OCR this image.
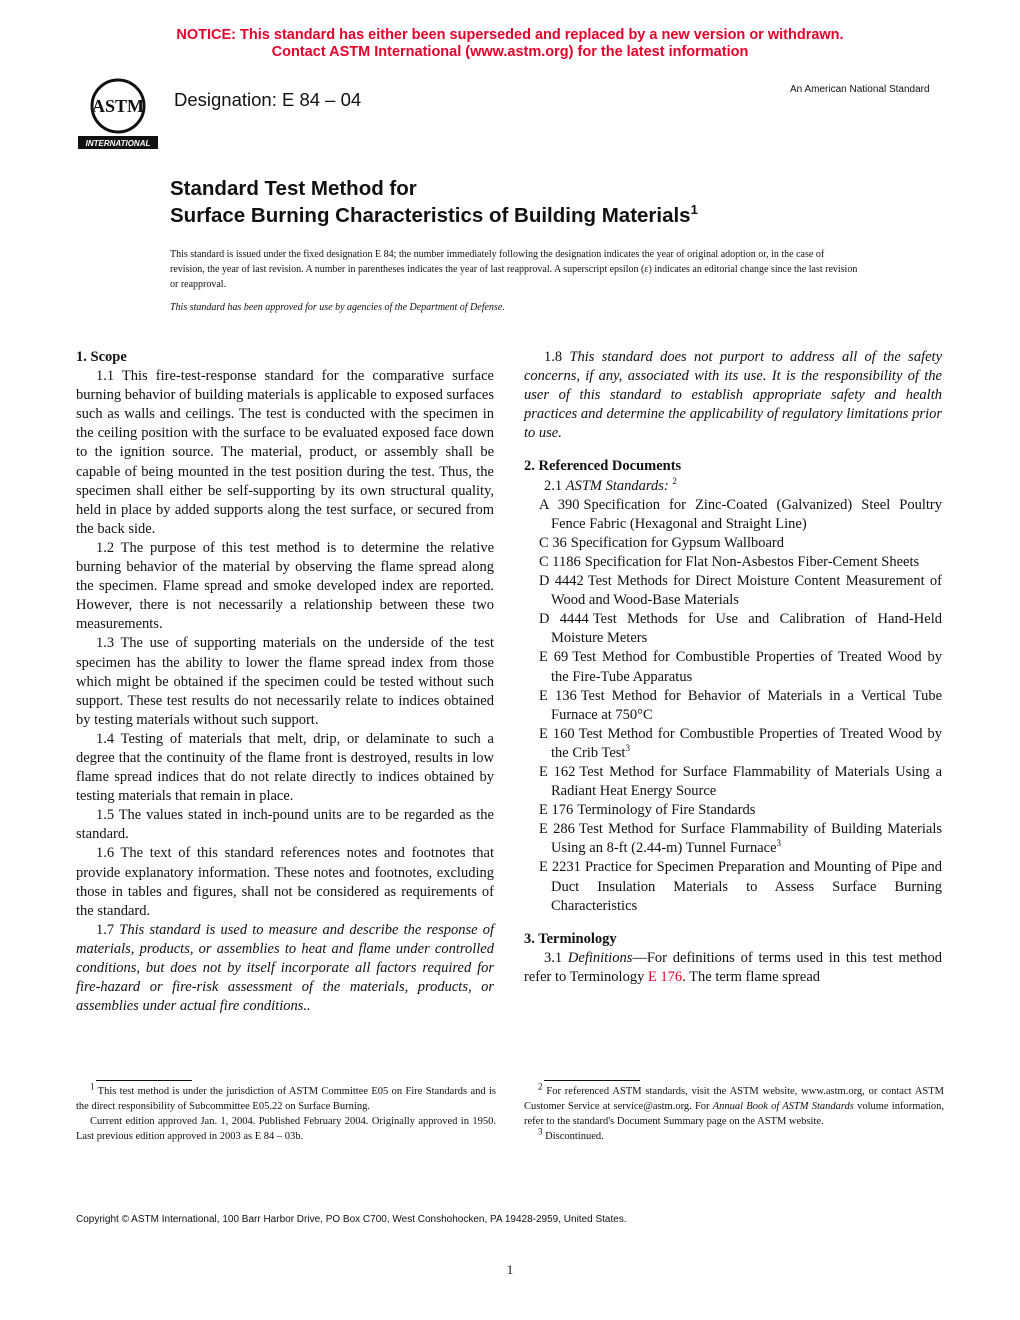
NOTICE: This standard has either been superseded and replaced by a new version or withdrawn.
Contact ASTM International (www.astm.org) for the latest information
ASTM
INTERNATIONAL
Designation: E 84 – 04	An American National Standard
Standard Test Method for
Surface Burning Characteristics of Building Materials$^1$

This standard is issued under the fixed designation E 84; the number immediately following the designation indicates the year of original adoption or, in the case of revision, the year of last revision. A number in parentheses indicates the year of last reapproval. A superscript epsilon (ε) indicates an editorial change since the last revision or reapproval.

This standard has been approved for use by agencies of the Department of Defense.

1. Scope

1.1 This fire-test-response standard for the comparative surface burning behavior of building materials is applicable to exposed surfaces such as walls and ceilings. The test is conducted with the specimen in the ceiling position with the surface to be evaluated exposed face down to the ignition source. The material, product, or assembly shall be capable of being mounted in the test position during the test. Thus, the specimen shall either be self-supporting by its own structural quality, held in place by added supports along the test surface, or secured from the back side.

1.2 The purpose of this test method is to determine the relative burning behavior of the material by observing the flame spread along the specimen. Flame spread and smoke developed index are reported. However, there is not necessarily a relationship between these two measurements.

1.3 The use of supporting materials on the underside of the test specimen has the ability to lower the flame spread index from those which might be obtained if the specimen could be tested without such support. These test results do not necessarily relate to indices obtained by testing materials without such support.

1.4 Testing of materials that melt, drip, or delaminate to such a degree that the continuity of the flame front is destroyed, results in low flame spread indices that do not relate directly to indices obtained by testing materials that remain in place.

1.5 The values stated in inch-pound units are to be regarded as the standard.

1.6 The text of this standard references notes and footnotes that provide explanatory information. These notes and footnotes, excluding those in tables and figures, shall not be considered as requirements of the standard.

1.7 This standard is used to measure and describe the response of materials, products, or assemblies to heat and flame under controlled conditions, but does not by itself incorporate all factors required for fire-hazard or fire-risk assessment of the materials, products, or assemblies under actual fire conditions..

1.8 This standard does not purport to address all of the safety concerns, if any, associated with its use. It is the responsibility of the user of this standard to establish appropriate safety and health practices and determine the applicability of regulatory limitations prior to use.

2. Referenced Documents

2.1 ASTM Standards: $^2$

A 390 Specification for Zinc-Coated (Galvanized) Steel Poultry Fence Fabric (Hexagonal and Straight Line)

C 36 Specification for Gypsum Wallboard

C 1186 Specification for Flat Non-Asbestos Fiber-Cement Sheets

D 4442 Test Methods for Direct Moisture Content Measurement of Wood and Wood-Base Materials

D 4444 Test Methods for Use and Calibration of Hand-Held Moisture Meters

E 69 Test Method for Combustible Properties of Treated Wood by the Fire-Tube Apparatus

E 136 Test Method for Behavior of Materials in a Vertical Tube Furnace at 750°C

E 160 Test Method for Combustible Properties of Treated Wood by the Crib Test$^3$

E 162 Test Method for Surface Flammability of Materials Using a Radiant Heat Energy Source

E 176 Terminology of Fire Standards

E 286 Test Method for Surface Flammability of Building Materials Using an 8-ft (2.44-m) Tunnel Furnace$^3$

E 2231 Practice for Specimen Preparation and Mounting of Pipe and Duct Insulation Materials to Assess Surface Burning Characteristics

3. Terminology

3.1 Definitions—For definitions of terms used in this test method refer to Terminology E 176. The term flame spread

$^1$ This test method is under the jurisdiction of ASTM Committee E05 on Fire Standards and is the direct responsibility of Subcommittee E05.22 on Surface Burning.

Current edition approved Jan. 1, 2004. Published February 2004. Originally approved in 1950. Last previous edition approved in 2003 as E 84 – 03b.

$^2$ For referenced ASTM standards, visit the ASTM website, www.astm.org, or contact ASTM Customer Service at service@astm.org. For Annual Book of ASTM Standards volume information, refer to the standard's Document Summary page on the ASTM website.

$^3$ Discontinued.

Copyright © ASTM International, 100 Barr Harbor Drive, PO Box C700, West Conshohocken, PA 19428-2959, United States.
1
